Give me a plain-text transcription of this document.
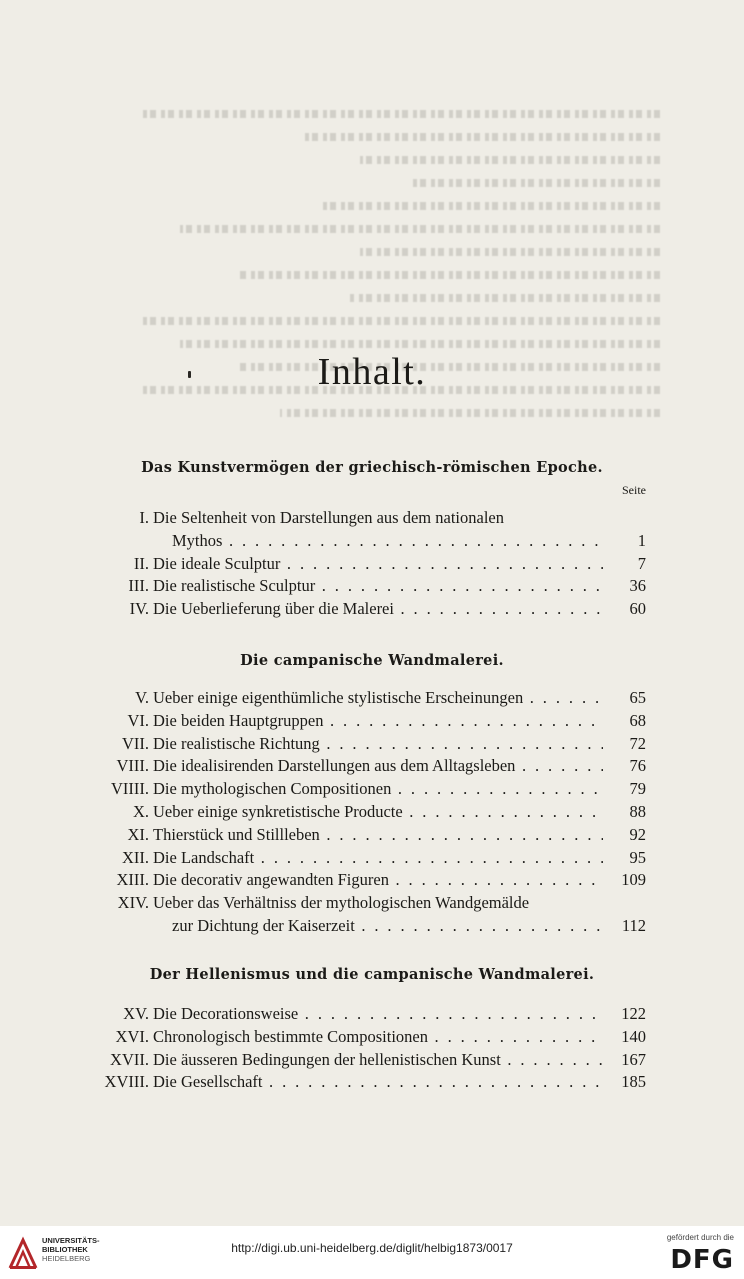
Inhalt.
Das Kunstvermögen der griechisch-römischen Epoche.
Seite
Die campanische Wandmalerei.
Der Hellenismus und die campanische Wandmalerei.
I. Die Seltenheit von Darstellungen aus dem nationalen
Mythos . . .	1
II. Die ideale Sculptur . . .	7
III. Die realistische Sculptur . . .	36
IV. Die Ueberlieferung über die Malerei . . .	60
V. Ueber einige eigenthümliche stylistische Erscheinungen . . .	65
VI. Die beiden Hauptgruppen . . .	68
VII. Die realistische Richtung . . .	72
VIII. Die idealisirenden Darstellungen aus dem Alltagsleben . . .	76
VIIII. Die mythologischen Compositionen . . .	79
X. Ueber einige synkretistische Producte . . .	88
XI. Thierstück und Stillleben . . .	92
XII. Die Landschaft . . .	95
XIII. Die decorativ angewandten Figuren . . .	109
XIV. Ueber das Verhältniss der mythologischen Wandgemälde
zur Dichtung der Kaiserzeit . . .	112
XV. Die Decorationsweise . . .	122
XVI. Chronologisch bestimmte Compositionen . . .	140
XVII. Die äusseren Bedingungen der hellenistischen Kunst . . .	167
XVIII. Die Gesellschaft . . .	185
UNIVERSITÄTS-
BIBLIOTHEK
HEIDELBERG
http://digi.ub.uni-heidelberg.de/diglit/helbig1873/0017
gefördert durch die
DFG
